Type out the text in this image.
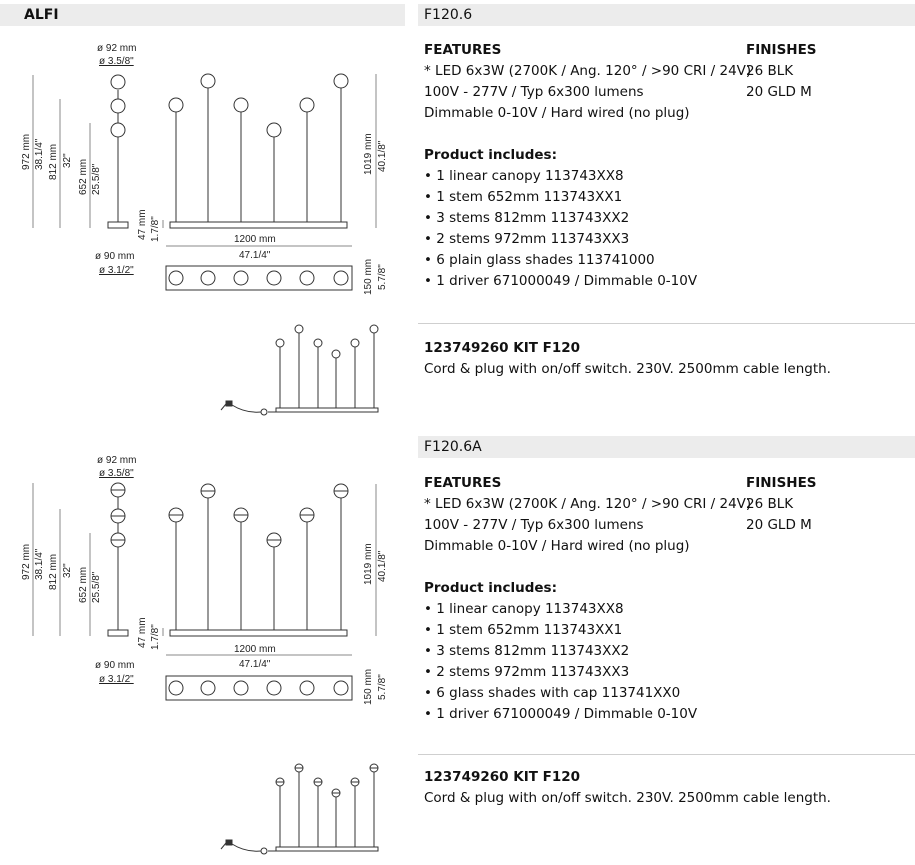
ALFI	F120.6
F120.6A
FEATURES
* LED 6x3W (2700K / Ang. 120° / >90 CRI / 24V)
100V - 277V / Typ 6x300 lumens
Dimmable 0-10V / Hard wired (no plug)
FINISHES
26 BLK
20 GLD M
Product includes:
• 1 linear canopy 113743XX8
• 1 stem 652mm 113743XX1
• 3 stems 812mm 113743XX2
• 2 stems 972mm 113743XX3
• 6 plain glass shades 113741000
• 1 driver 671000049 / Dimmable 0-10V
123749260 KIT F120
Cord & plug with on/off switch. 230V. 2500mm cable length.
FEATURES
* LED 6x3W (2700K / Ang. 120° / >90 CRI / 24V)
100V - 277V / Typ 6x300 lumens
Dimmable 0-10V / Hard wired (no plug)
FINISHES
26 BLK
20 GLD M
Product includes:
• 1 linear canopy 113743XX8
• 1 stem 652mm 113743XX1
• 3 stems 812mm 113743XX2
• 2 stems 972mm 113743XX3
• 6 glass shades with cap 113741XX0
• 1 driver 671000049 / Dimmable 0-10V
123749260 KIT F120
Cord & plug with on/off switch. 230V. 2500mm cable length.
ø 92 mm
ø 3.5/8"
ø 90 mm
ø 3.1/2"
1200 mm
47.1/4"
972 mm 38.1/4" 812 mm 32" 652 mm 25.5/8"
47 mm 1.7/8"
1019 mm 40.1/8"
150 mm 5.7/8"
ø 92 mm
ø 3.5/8"
ø 90 mm
ø 3.1/2"
1200 mm
47.1/4"
972 mm 38.1/4" 812 mm 32" 652 mm 25.5/8"
47 mm 1.7/8"
1019 mm 40.1/8"
150 mm 5.7/8"
